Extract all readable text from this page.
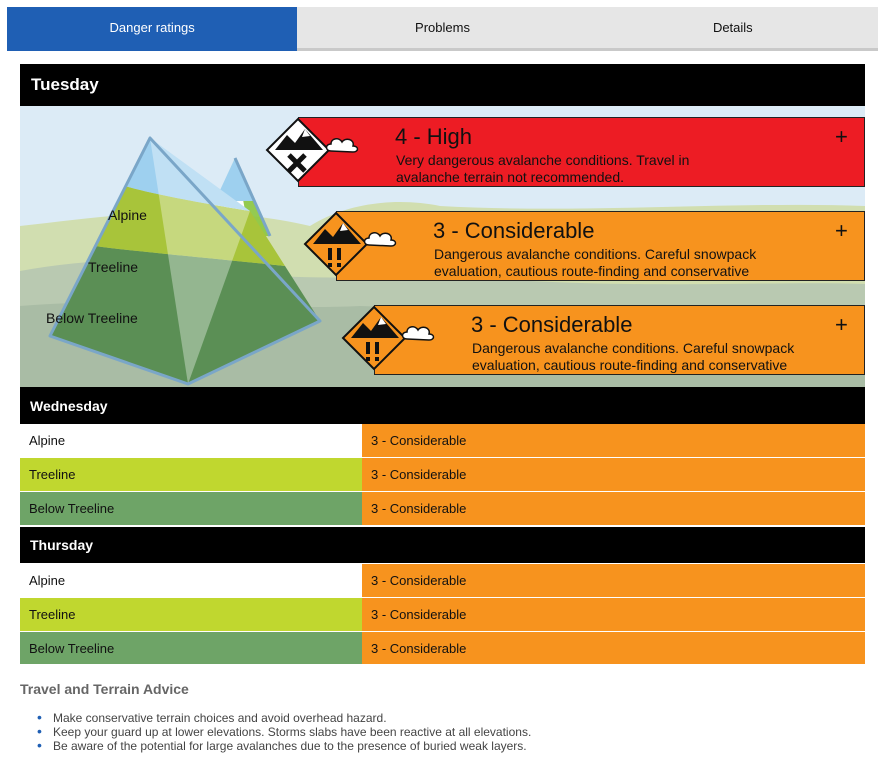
Danger ratings	Problems	Details
Tuesday
Alpine
Treeline
Below Treeline
4 - High
Very dangerous avalanche conditions. Travel in avalanche terrain not recommended.
+
3 - Considerable
Dangerous avalanche conditions. Careful snowpack evaluation, cautious route-finding and conservative
+
3 - Considerable
Dangerous avalanche conditions. Careful snowpack evaluation, cautious route-finding and conservative
+
Wednesday
Alpine	3 - Considerable
Treeline	3 - Considerable
Below Treeline	3 - Considerable
Thursday
Alpine	3 - Considerable
Treeline	3 - Considerable
Below Treeline	3 - Considerable
Travel and Terrain Advice
• Make conservative terrain choices and avoid overhead hazard.
• Keep your guard up at lower elevations. Storms slabs have been reactive at all elevations.
• Be aware of the potential for large avalanches due to the presence of buried weak layers.
